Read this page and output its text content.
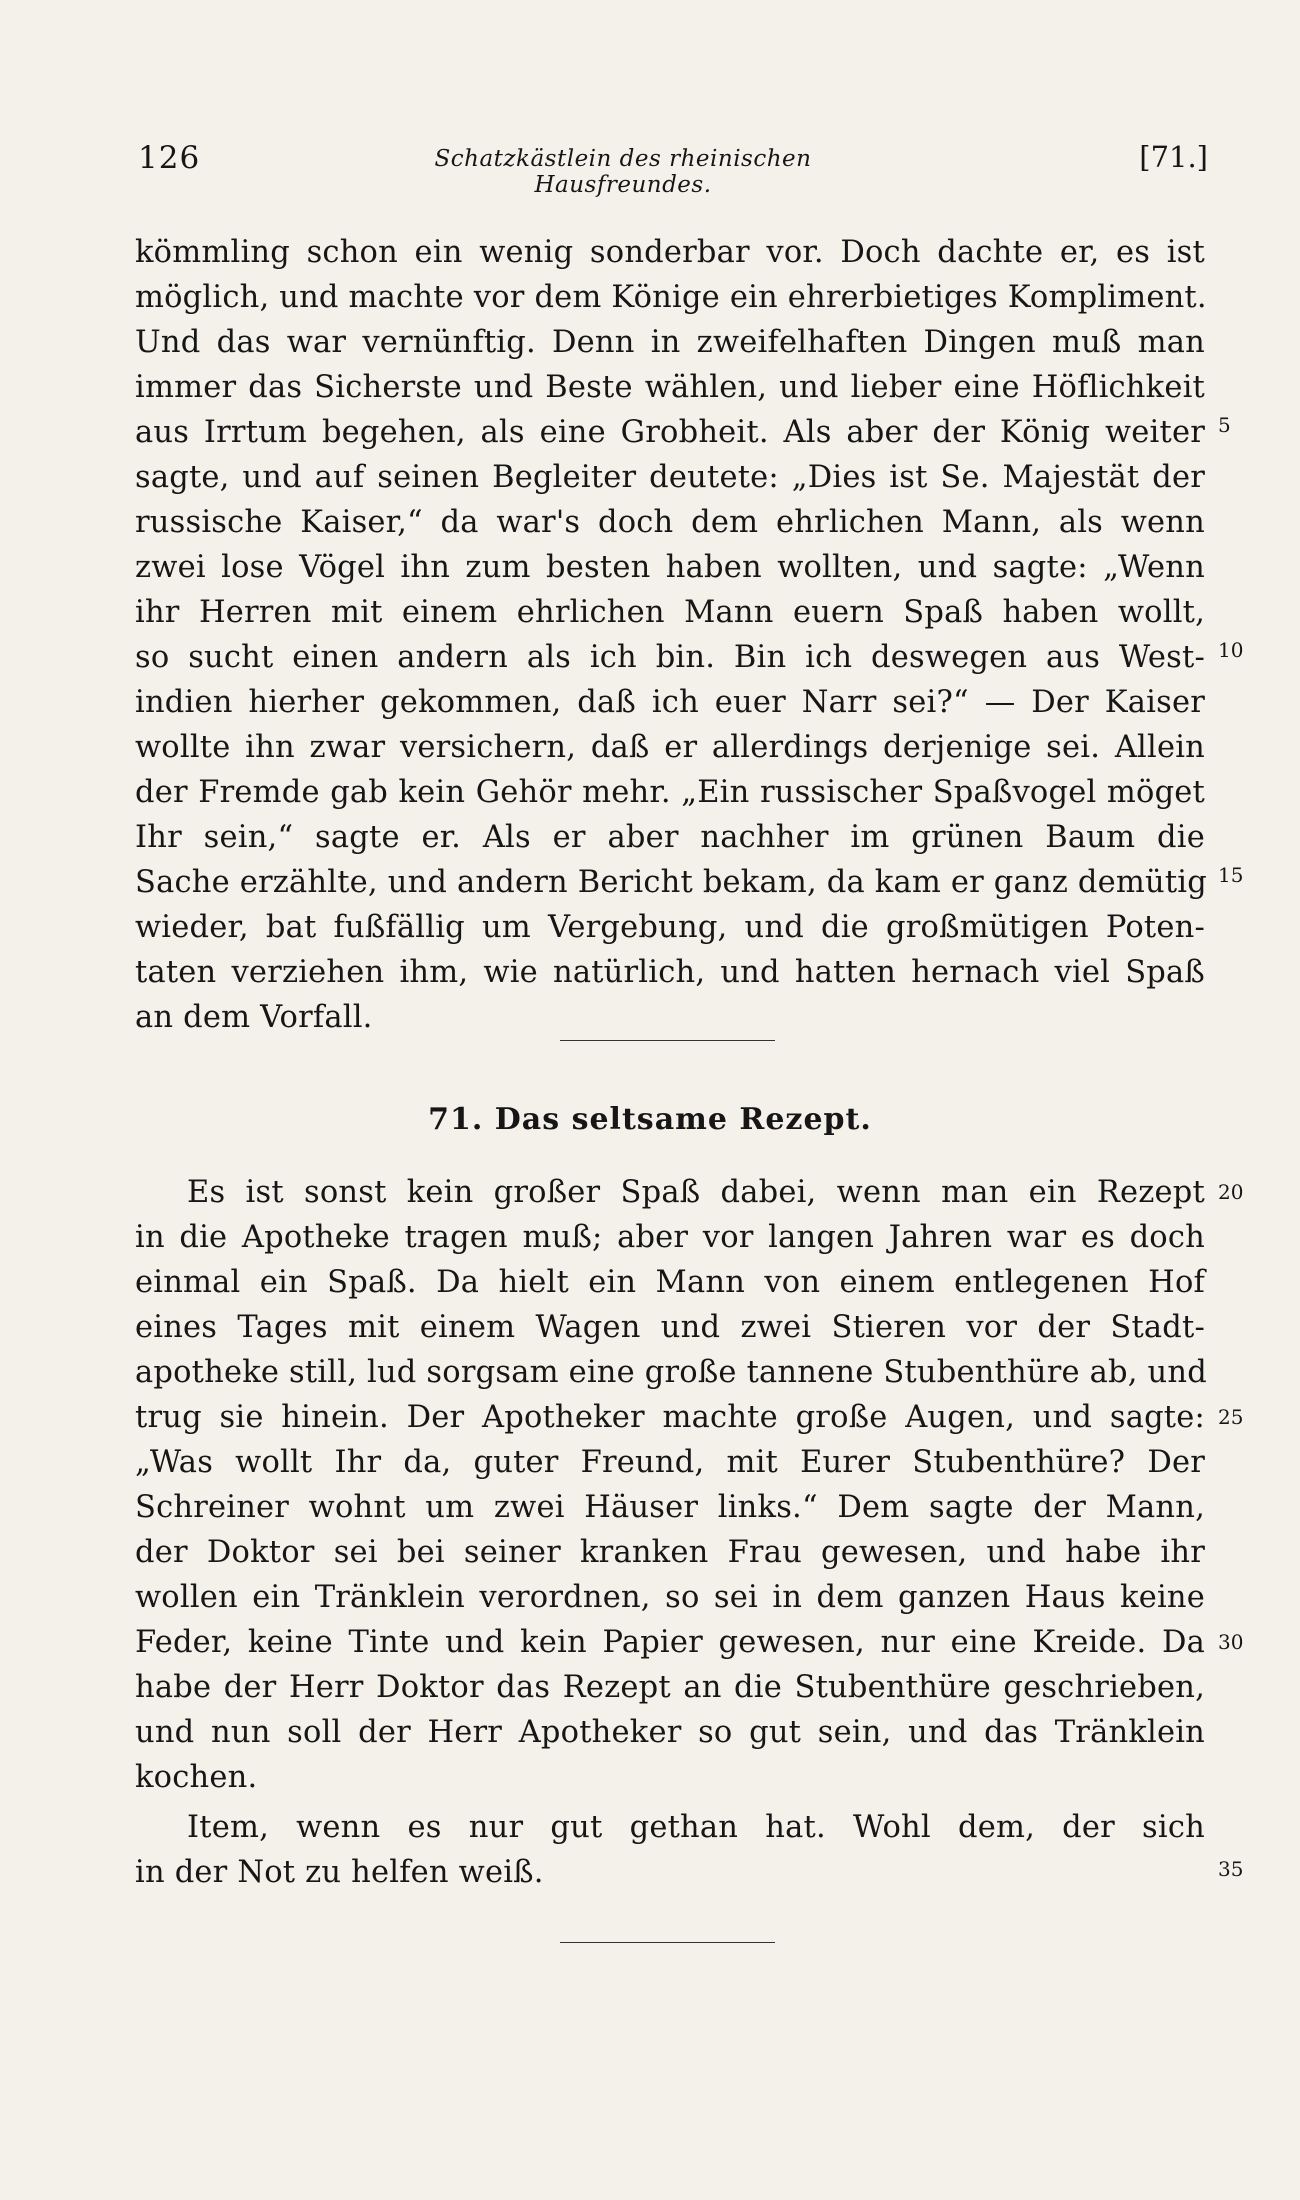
126	Schatzkästlein des rheinischen Hausfreundes.
[71.]
kömmling schon ein wenig sonderbar vor. Doch dachte er, es ist
möglich, und machte vor dem Könige ein ehrerbietiges Kompliment.
Und das war vernünftig. Denn in zweifelhaften Dingen muß man
immer das Sicherste und Beste wählen, und lieber eine Höflichkeit
aus Irrtum begehen, als eine Grobheit. Als aber der König weiter
sagte, und auf seinen Begleiter deutete: „Dies ist Se. Majestät der
russische Kaiser,“ da war's doch dem ehrlichen Mann, als wenn
zwei lose Vögel ihn zum besten haben wollten, und sagte: „Wenn
ihr Herren mit einem ehrlichen Mann euern Spaß haben wollt,
so sucht einen andern als ich bin. Bin ich deswegen aus West-
indien hierher gekommen, daß ich euer Narr sei?“ — Der Kaiser
wollte ihn zwar versichern, daß er allerdings derjenige sei. Allein
der Fremde gab kein Gehör mehr. „Ein russischer Spaßvogel möget
Ihr sein,“ sagte er. Als er aber nachher im grünen Baum die
Sache erzählte, und andern Bericht bekam, da kam er ganz demütig
wieder, bat fußfällig um Vergebung, und die großmütigen Poten-
taten verziehen ihm, wie natürlich, und hatten hernach viel Spaß
an dem Vorfall.
71. Das seltsame Rezept.
Es ist sonst kein großer Spaß dabei, wenn man ein Rezept
in die Apotheke tragen muß; aber vor langen Jahren war es doch
einmal ein Spaß. Da hielt ein Mann von einem entlegenen Hof
eines Tages mit einem Wagen und zwei Stieren vor der Stadt-
apotheke still, lud sorgsam eine große tannene Stubenthüre ab, und
trug sie hinein. Der Apotheker machte große Augen, und sagte:
„Was wollt Ihr da, guter Freund, mit Eurer Stubenthüre? Der
Schreiner wohnt um zwei Häuser links.“ Dem sagte der Mann,
der Doktor sei bei seiner kranken Frau gewesen, und habe ihr
wollen ein Tränklein verordnen, so sei in dem ganzen Haus keine
Feder, keine Tinte und kein Papier gewesen, nur eine Kreide. Da
habe der Herr Doktor das Rezept an die Stubenthüre geschrieben,
und nun soll der Herr Apotheker so gut sein, und das Tränklein
kochen.
Item, wenn es nur gut gethan hat. Wohl dem, der sich
in der Not zu helfen weiß.
5
10
15
20
25
30
35
